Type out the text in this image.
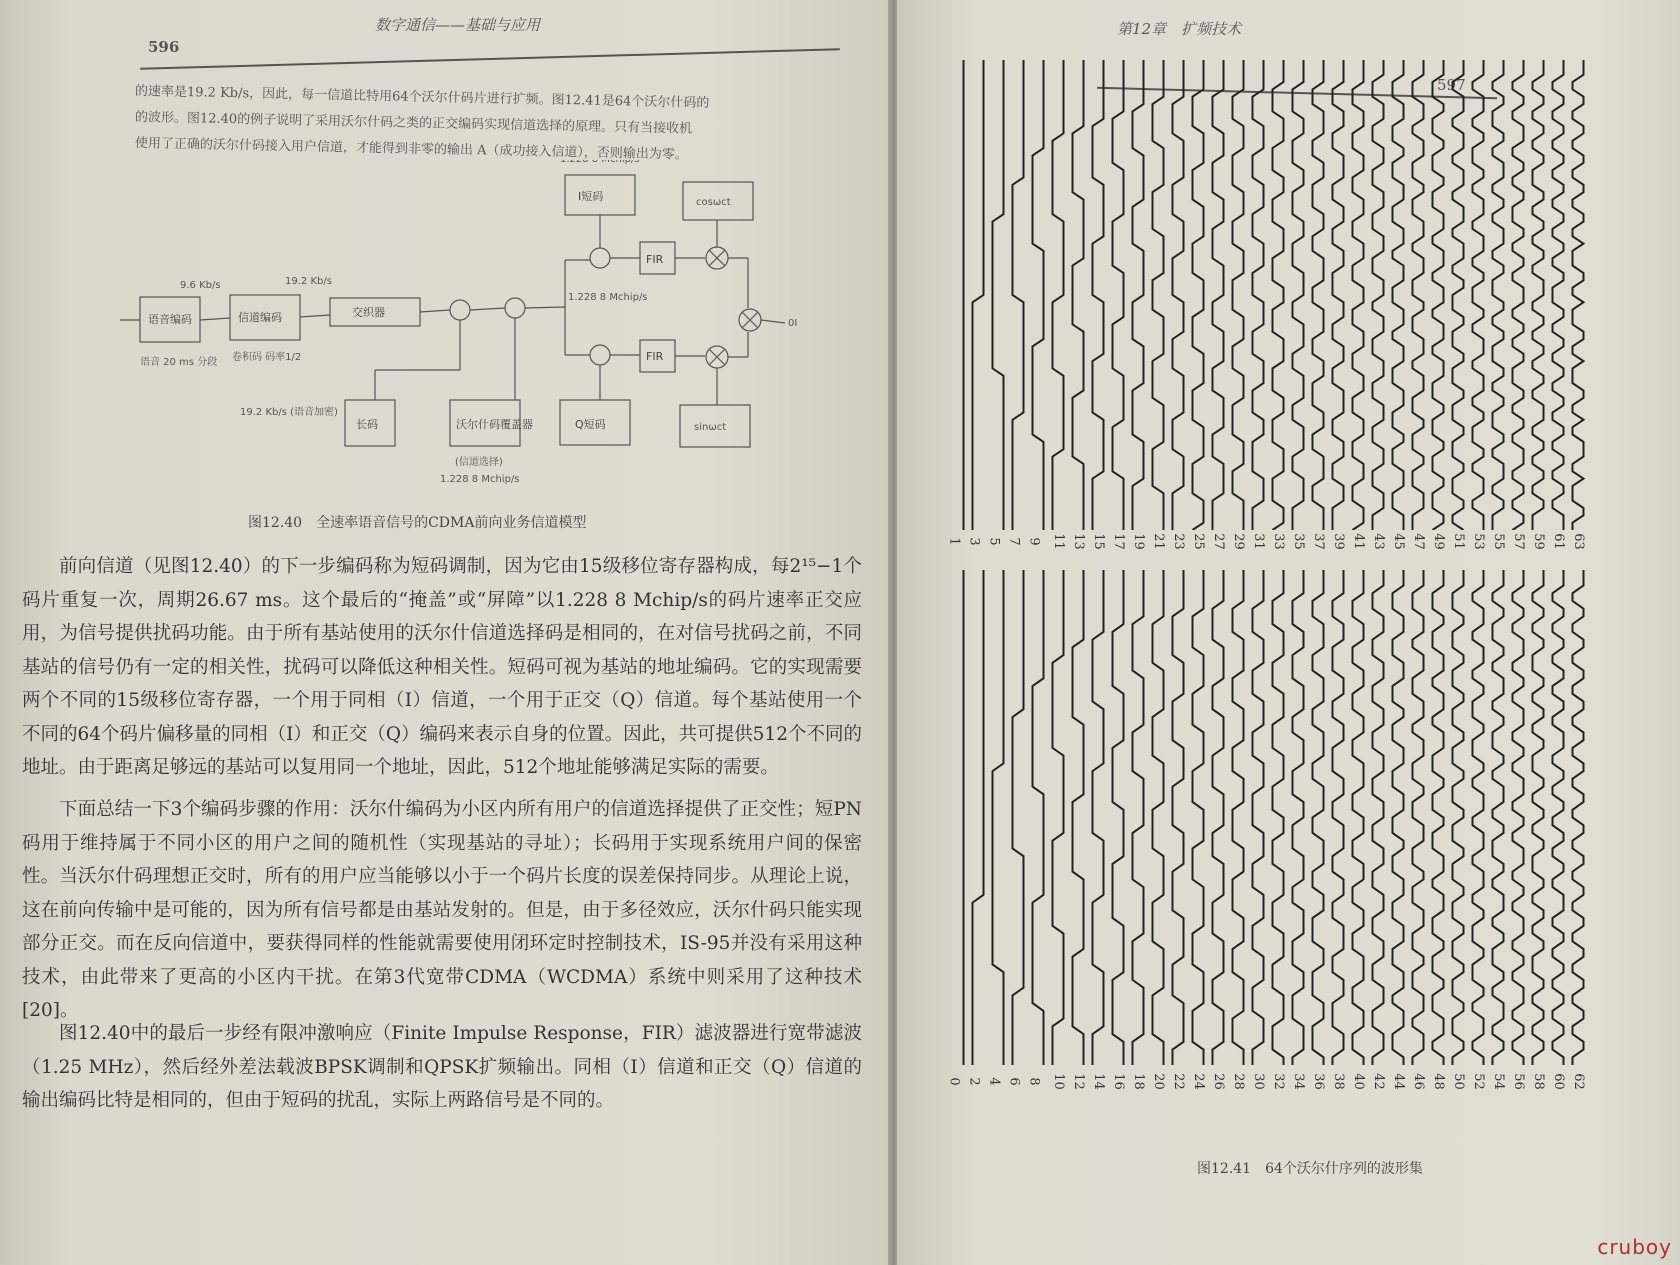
596
数字通信——基础与应用
的速率是19.2 Kb/s，因此，每一信道比特用64个沃尔什码片进行扩频。图12.41是64个沃尔什码的
的波形。图12.40的例子说明了采用沃尔什码之类的正交编码实现信道选择的原理。只有当接收机
使用了正确的沃尔什码接入用户信道，才能得到非零的输出 A（成功接入信道），否则输出为零。
9.6 Kb/s	19.2 Kb/s
语音编码	信道编码	交织器
语音 20 ms 分段 卷积码 码率1/2
I短码
Q短码
长码	沃尔什码覆盖器
FIR
FIR
cosωct
sinωct
1.228 8 Mchip/s
19.2 Kb/s (语音加密)
(信道选择)
1.228 8 Mchip/s
0Ⅰ
图12.40　全速率语音信号的CDMA前向业务信道模型
前向信道（见图12.40）的下一步编码称为短码调制，因为它由15级移位寄存器构成，每2¹⁵−1个码片重复一次，周期26.67 ms。这个最后的“掩盖”或“屏障”以1.228 8 Mchip/s的码片速率正交应用，为信号提供扰码功能。由于所有基站使用的沃尔什信道选择码是相同的，在对信号扰码之前，不同基站的信号仍有一定的相关性，扰码可以降低这种相关性。短码可视为基站的地址编码。它的实现需要两个不同的15级移位寄存器，一个用于同相（I）信道，一个用于正交（Q）信道。每个基站使用一个不同的64个码片偏移量的同相（I）和正交（Q）编码来表示自身的位置。因此，共可提供512个不同的地址。由于距离足够远的基站可以复用同一个地址，因此，512个地址能够满足实际的需要。
下面总结一下3个编码步骤的作用：沃尔什编码为小区内所有用户的信道选择提供了正交性；短PN码用于维持属于不同小区的用户之间的随机性（实现基站的寻址）；长码用于实现系统用户间的保密性。当沃尔什码理想正交时，所有的用户应当能够以小于一个码片长度的误差保持同步。从理论上说，这在前向传输中是可能的，因为所有信号都是由基站发射的。但是，由于多径效应，沃尔什码只能实现部分正交。而在反向信道中，要获得同样的性能就需要使用闭环定时控制技术，IS-95并没有采用这种技术，由此带来了更高的小区内干扰。在第3代宽带CDMA（WCDMA）系统中则采用了这种技术[20]。
图12.40中的最后一步经有限冲激响应（Finite Impulse Response，FIR）滤波器进行宽带滤波（1.25 MHz），然后经外差法载波BPSK调制和QPSK扩频输出。同相（I）信道和正交（Q）信道的输出编码比特是相同的，但由于短码的扰乱，实际上两路信号是不同的。
第12章　扩频技术
597
图12.41　64个沃尔什序列的波形集
1 3 5 7 9 11 13 15 17 19 21 23 25 27 29 31 33 35 37 39 41 43 45 47 49 51 53 55 57 59 61 63
0 2 4 6 8 10 12 14 16 18 20 22 24 26 28 30 32 34 36 38 40 42 44 46 48 50 52 54 56 58 60 62
cruboy
